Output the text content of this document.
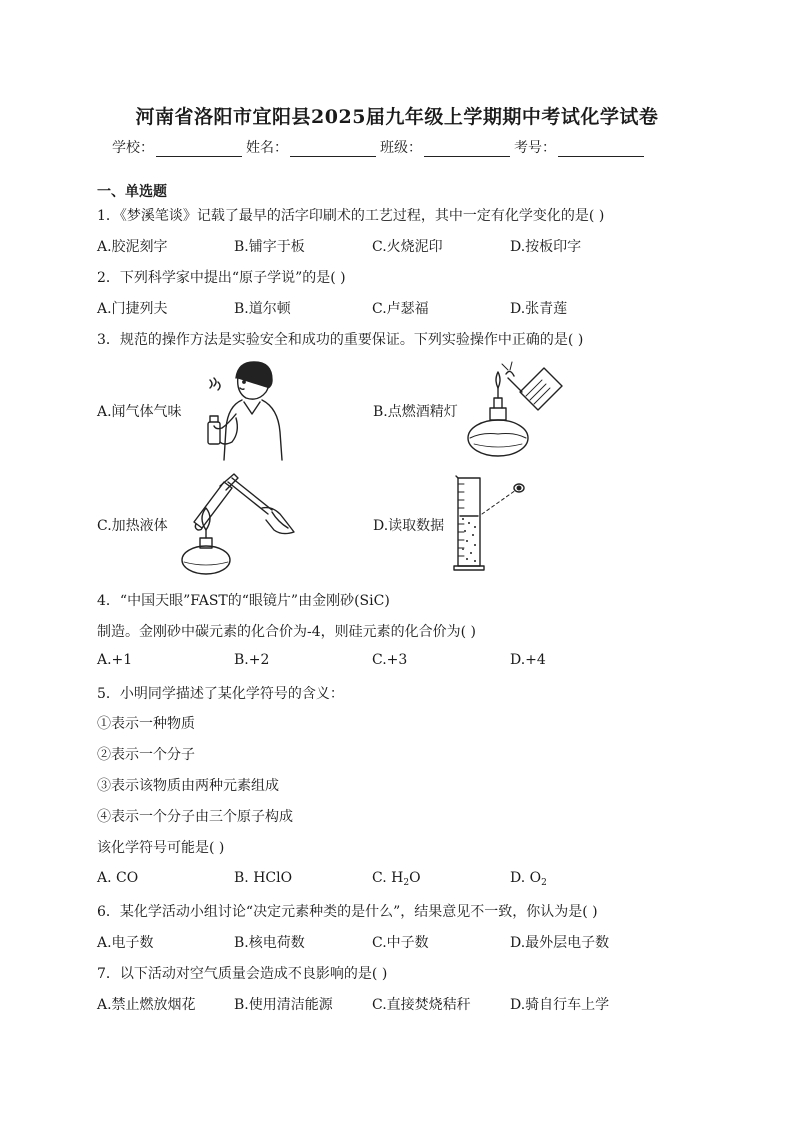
河南省洛阳市宜阳县2025届九年级上学期期中考试化学试卷
学校：	姓名：	班级：	考号：
一、单选题
1．《梦溪笔谈》记载了最早的活字印刷术的工艺过程，其中一定有化学变化的是( )
A.胶泥刻字	B.铺字于板	C.火烧泥印	D.按板印字
2．下列科学家中提出“原子学说”的是( )
A.门捷列夫	B.道尔顿	C.卢瑟福	D.张青莲
3．规范的操作方法是实验安全和成功的重要保证。下列实验操作中正确的是( )
A.闻气体气味	B.点燃酒精灯
C.加热液体	D.读取数据
4．“中国天眼”FAST的“眼镜片”由金刚砂(SiC)
制造。金刚砂中碳元素的化合价为-4，则硅元素的化合价为( )
A.+1	B.+2	C.+3	D.+4
5．小明同学描述了某化学符号的含义：
①表示一种物质
②表示一个分子
③表示该物质由两种元素组成
④表示一个分子由三个原子构成
该化学符号可能是( )
A. CO	B. HClO	C. $H_2O$	D. $O_2$
6．某化学活动小组讨论“决定元素种类的是什么”，结果意见不一致，你认为是( )
A.电子数	B.核电荷数	C.中子数	D.最外层电子数
7．以下活动对空气质量会造成不良影响的是( )
A.禁止燃放烟花	B.使用清洁能源	C.直接焚烧秸秆	D.骑自行车上学
